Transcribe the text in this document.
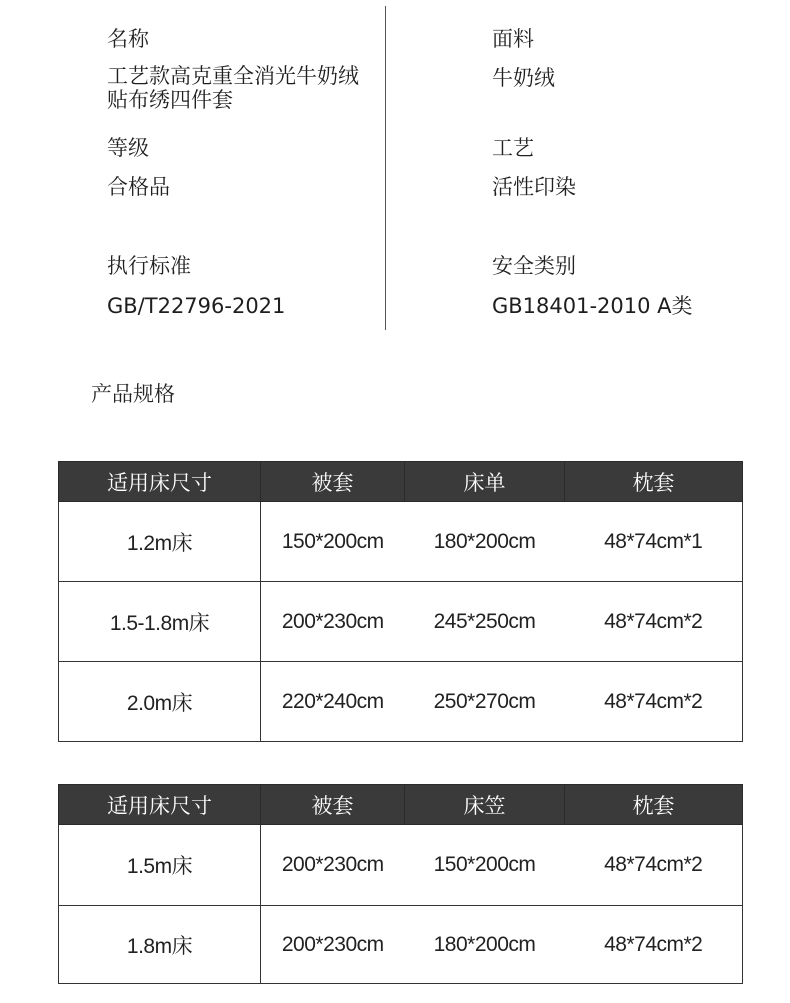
名称
工艺款高克重全消光牛奶绒
贴布绣四件套
面料
牛奶绒
等级
合格品
工艺
活性印染
执行标准
GB/T22796-2021
安全类别
GB18401-2010 A类
产品规格
适用床尺寸	被套	床单	枕套
1.2m床	150*200cm	180*200cm	48*74cm*1
1.5-1.8m床	200*230cm	245*250cm	48*74cm*2
2.0m床	220*240cm	250*270cm	48*74cm*2
适用床尺寸	被套	床笠	枕套
1.5m床	200*230cm	150*200cm	48*74cm*2
1.8m床	200*230cm	180*200cm	48*74cm*2
